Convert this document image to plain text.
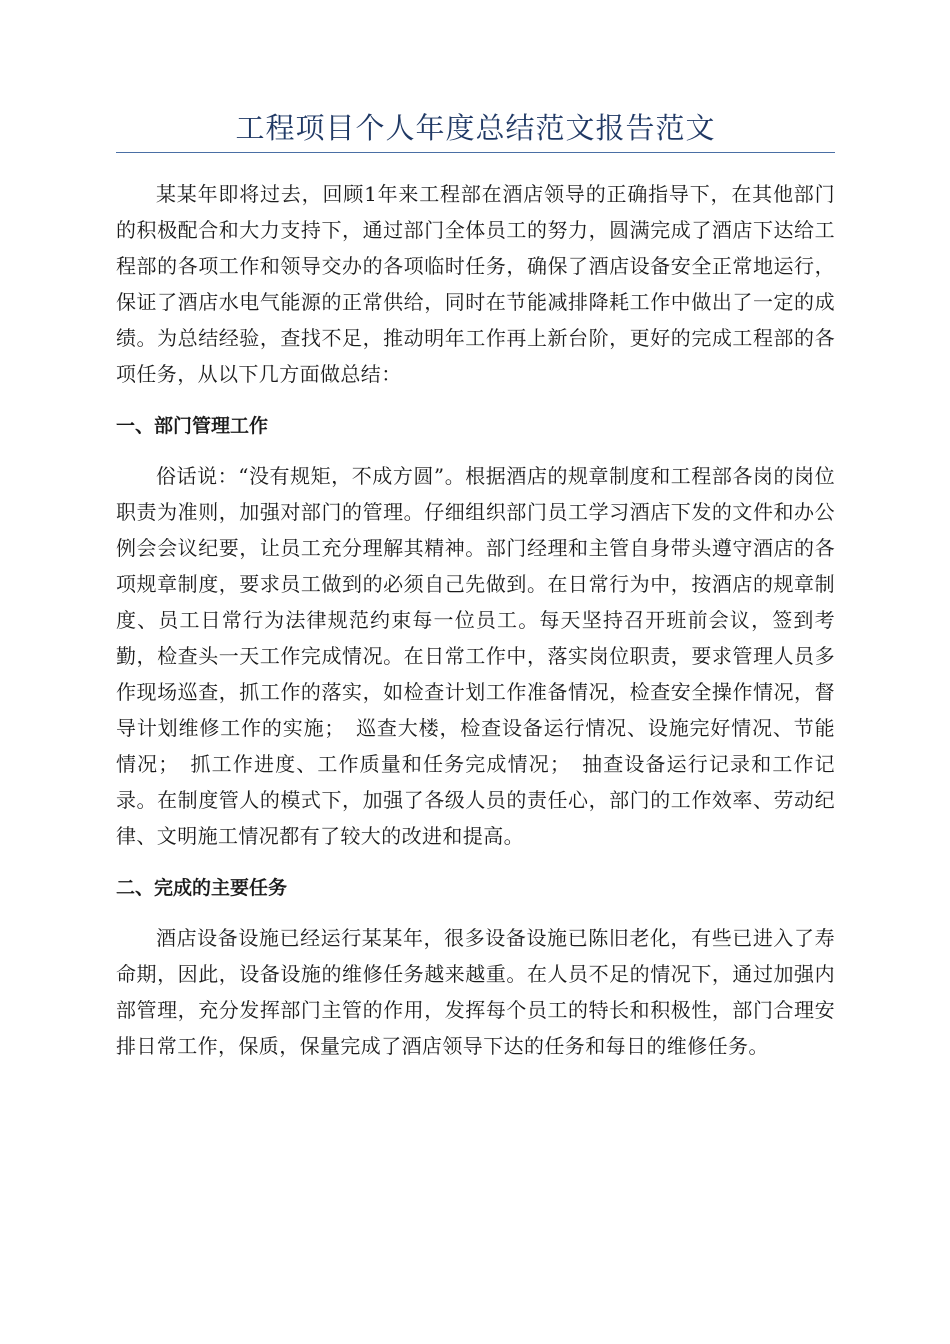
工程项目个人年度总结范文报告范文

某某年即将过去，回顾1年来工程部在酒店领导的正确指导下，在其他部门的积极配合和大力支持下，通过部门全体员工的努力，圆满完成了酒店下达给工程部的各项工作和领导交办的各项临时任务，确保了酒店设备安全正常地运行，保证了酒店水电气能源的正常供给，同时在节能减排降耗工作中做出了一定的成绩。为总结经验，查找不足，推动明年工作再上新台阶，更好的完成工程部的各项任务，从以下几方面做总结：

一、部门管理工作

俗话说：“没有规矩，不成方圆”。根据酒店的规章制度和工程部各岗的岗位职责为准则，加强对部门的管理。仔细组织部门员工学习酒店下发的文件和办公例会会议纪要，让员工充分理解其精神。部门经理和主管自身带头遵守酒店的各项规章制度，要求员工做到的必须自己先做到。在日常行为中，按酒店的规章制度、员工日常行为法律规范约束每一位员工。每天坚持召开班前会议，签到考勤，检查头一天工作完成情况。在日常工作中，落实岗位职责，要求管理人员多作现场巡查，抓工作的落实，如检查计划工作准备情况，检查安全操作情况，督导计划维修工作的实施；　巡查大楼，检查设备运行情况、设施完好情况、节能情况；　抓工作进度、工作质量和任务完成情况；　抽查设备运行记录和工作记录。在制度管人的模式下，加强了各级人员的责任心，部门的工作效率、劳动纪律、文明施工情况都有了较大的改进和提高。

二、完成的主要任务

酒店设备设施已经运行某某年，很多设备设施已陈旧老化，有些已进入了寿命期，因此，设备设施的维修任务越来越重。在人员不足的情况下，通过加强内部管理，充分发挥部门主管的作用，发挥每个员工的特长和积极性，部门合理安排日常工作，保质，保量完成了酒店领导下达的任务和每日的维修任务。
